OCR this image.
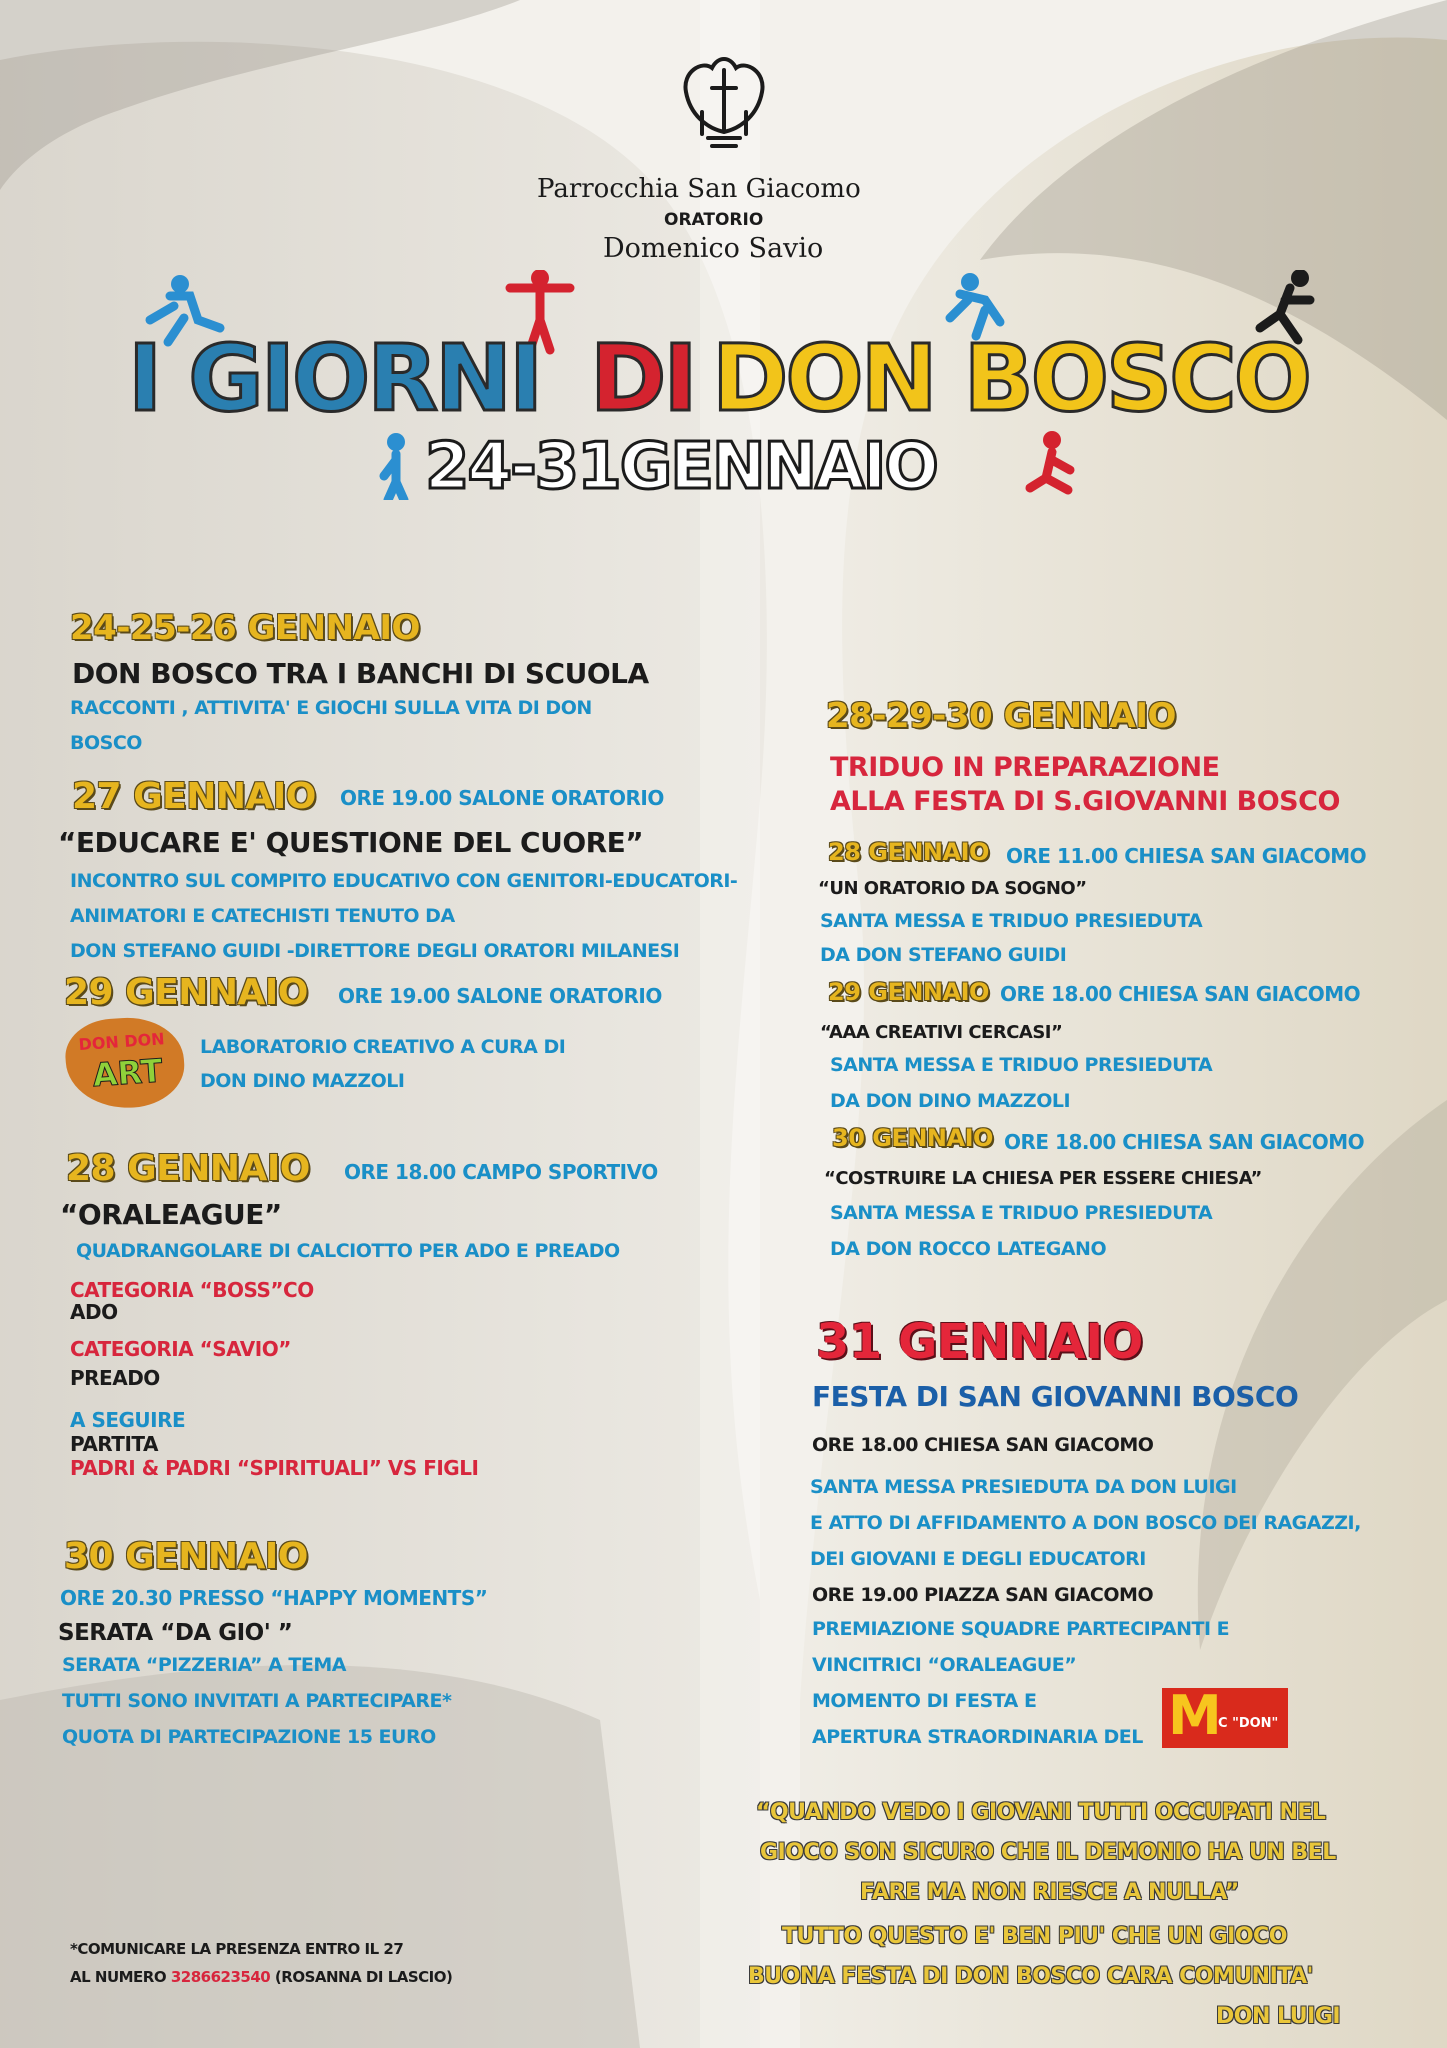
Parrocchia San Giacomo
ORATORIO
Domenico Savio
I GIORNI DI DON BOSCO
24-31GENNAIO
24-25-26 GENNAIO
DON BOSCO TRA I BANCHI DI SCUOLA
RACCONTI , ATTIVITA' E GIOCHI SULLA VITA DI DON
BOSCO
27 GENNAIO ORE 19.00 SALONE ORATORIO
“EDUCARE E' QUESTIONE DEL CUORE”
INCONTRO SUL COMPITO EDUCATIVO CON GENITORI-EDUCATORI-
ANIMATORI E CATECHISTI TENUTO DA
DON STEFANO GUIDI -DIRETTORE DEGLI ORATORI MILANESI
29 GENNAIO ORE 19.00 SALONE ORATORIO
DON DON
ART
LABORATORIO CREATIVO A CURA DI
DON DINO MAZZOLI
28 GENNAIO ORE 18.00 CAMPO SPORTIVO
“ORALEAGUE”
QUADRANGOLARE DI CALCIOTTO PER ADO E PREADO
CATEGORIA “BOSS”CO
ADO
CATEGORIA “SAVIO”
PREADO
A SEGUIRE
PARTITA
PADRI & PADRI “SPIRITUALI” VS FIGLI
30 GENNAIO
ORE 20.30 PRESSO “HAPPY MOMENTS”
SERATA “DA GIO' ”
SERATA “PIZZERIA” A TEMA
TUTTI SONO INVITATI A PARTECIPARE*
QUOTA DI PARTECIPAZIONE 15 EURO
*COMUNICARE LA PRESENZA ENTRO IL 27
AL NUMERO 3286623540 (ROSANNA DI LASCIO)
28-29-30 GENNAIO
TRIDUO IN PREPARAZIONE
ALLA FESTA DI S.GIOVANNI BOSCO
28 GENNAIO ORE 11.00 CHIESA SAN GIACOMO
“UN ORATORIO DA SOGNO”
SANTA MESSA E TRIDUO PRESIEDUTA
DA DON STEFANO GUIDI
29 GENNAIO ORE 18.00 CHIESA SAN GIACOMO
“AAA CREATIVI CERCASI”
SANTA MESSA E TRIDUO PRESIEDUTA
DA DON DINO MAZZOLI
30 GENNAIO ORE 18.00 CHIESA SAN GIACOMO
“COSTRUIRE LA CHIESA PER ESSERE CHIESA”
SANTA MESSA E TRIDUO PRESIEDUTA
DA DON ROCCO LATEGANO
31 GENNAIO
FESTA DI SAN GIOVANNI BOSCO
ORE 18.00 CHIESA SAN GIACOMO
SANTA MESSA PRESIEDUTA DA DON LUIGI
E ATTO DI AFFIDAMENTO A DON BOSCO DEI RAGAZZI,
DEI GIOVANI E DEGLI EDUCATORI
ORE 19.00 PIAZZA SAN GIACOMO
PREMIAZIONE SQUADRE PARTECIPANTI E
VINCITRICI “ORALEAGUE”
MOMENTO DI FESTA E
APERTURA STRAORDINARIA DEL M
C "DON"
“QUANDO VEDO I GIOVANI TUTTI OCCUPATI NEL
GIOCO SON SICURO CHE IL DEMONIO HA UN BEL
FARE MA NON RIESCE A NULLA”
TUTTO QUESTO E' BEN PIU' CHE UN GIOCO
BUONA FESTA DI DON BOSCO CARA COMUNITA'
DON LUIGI
